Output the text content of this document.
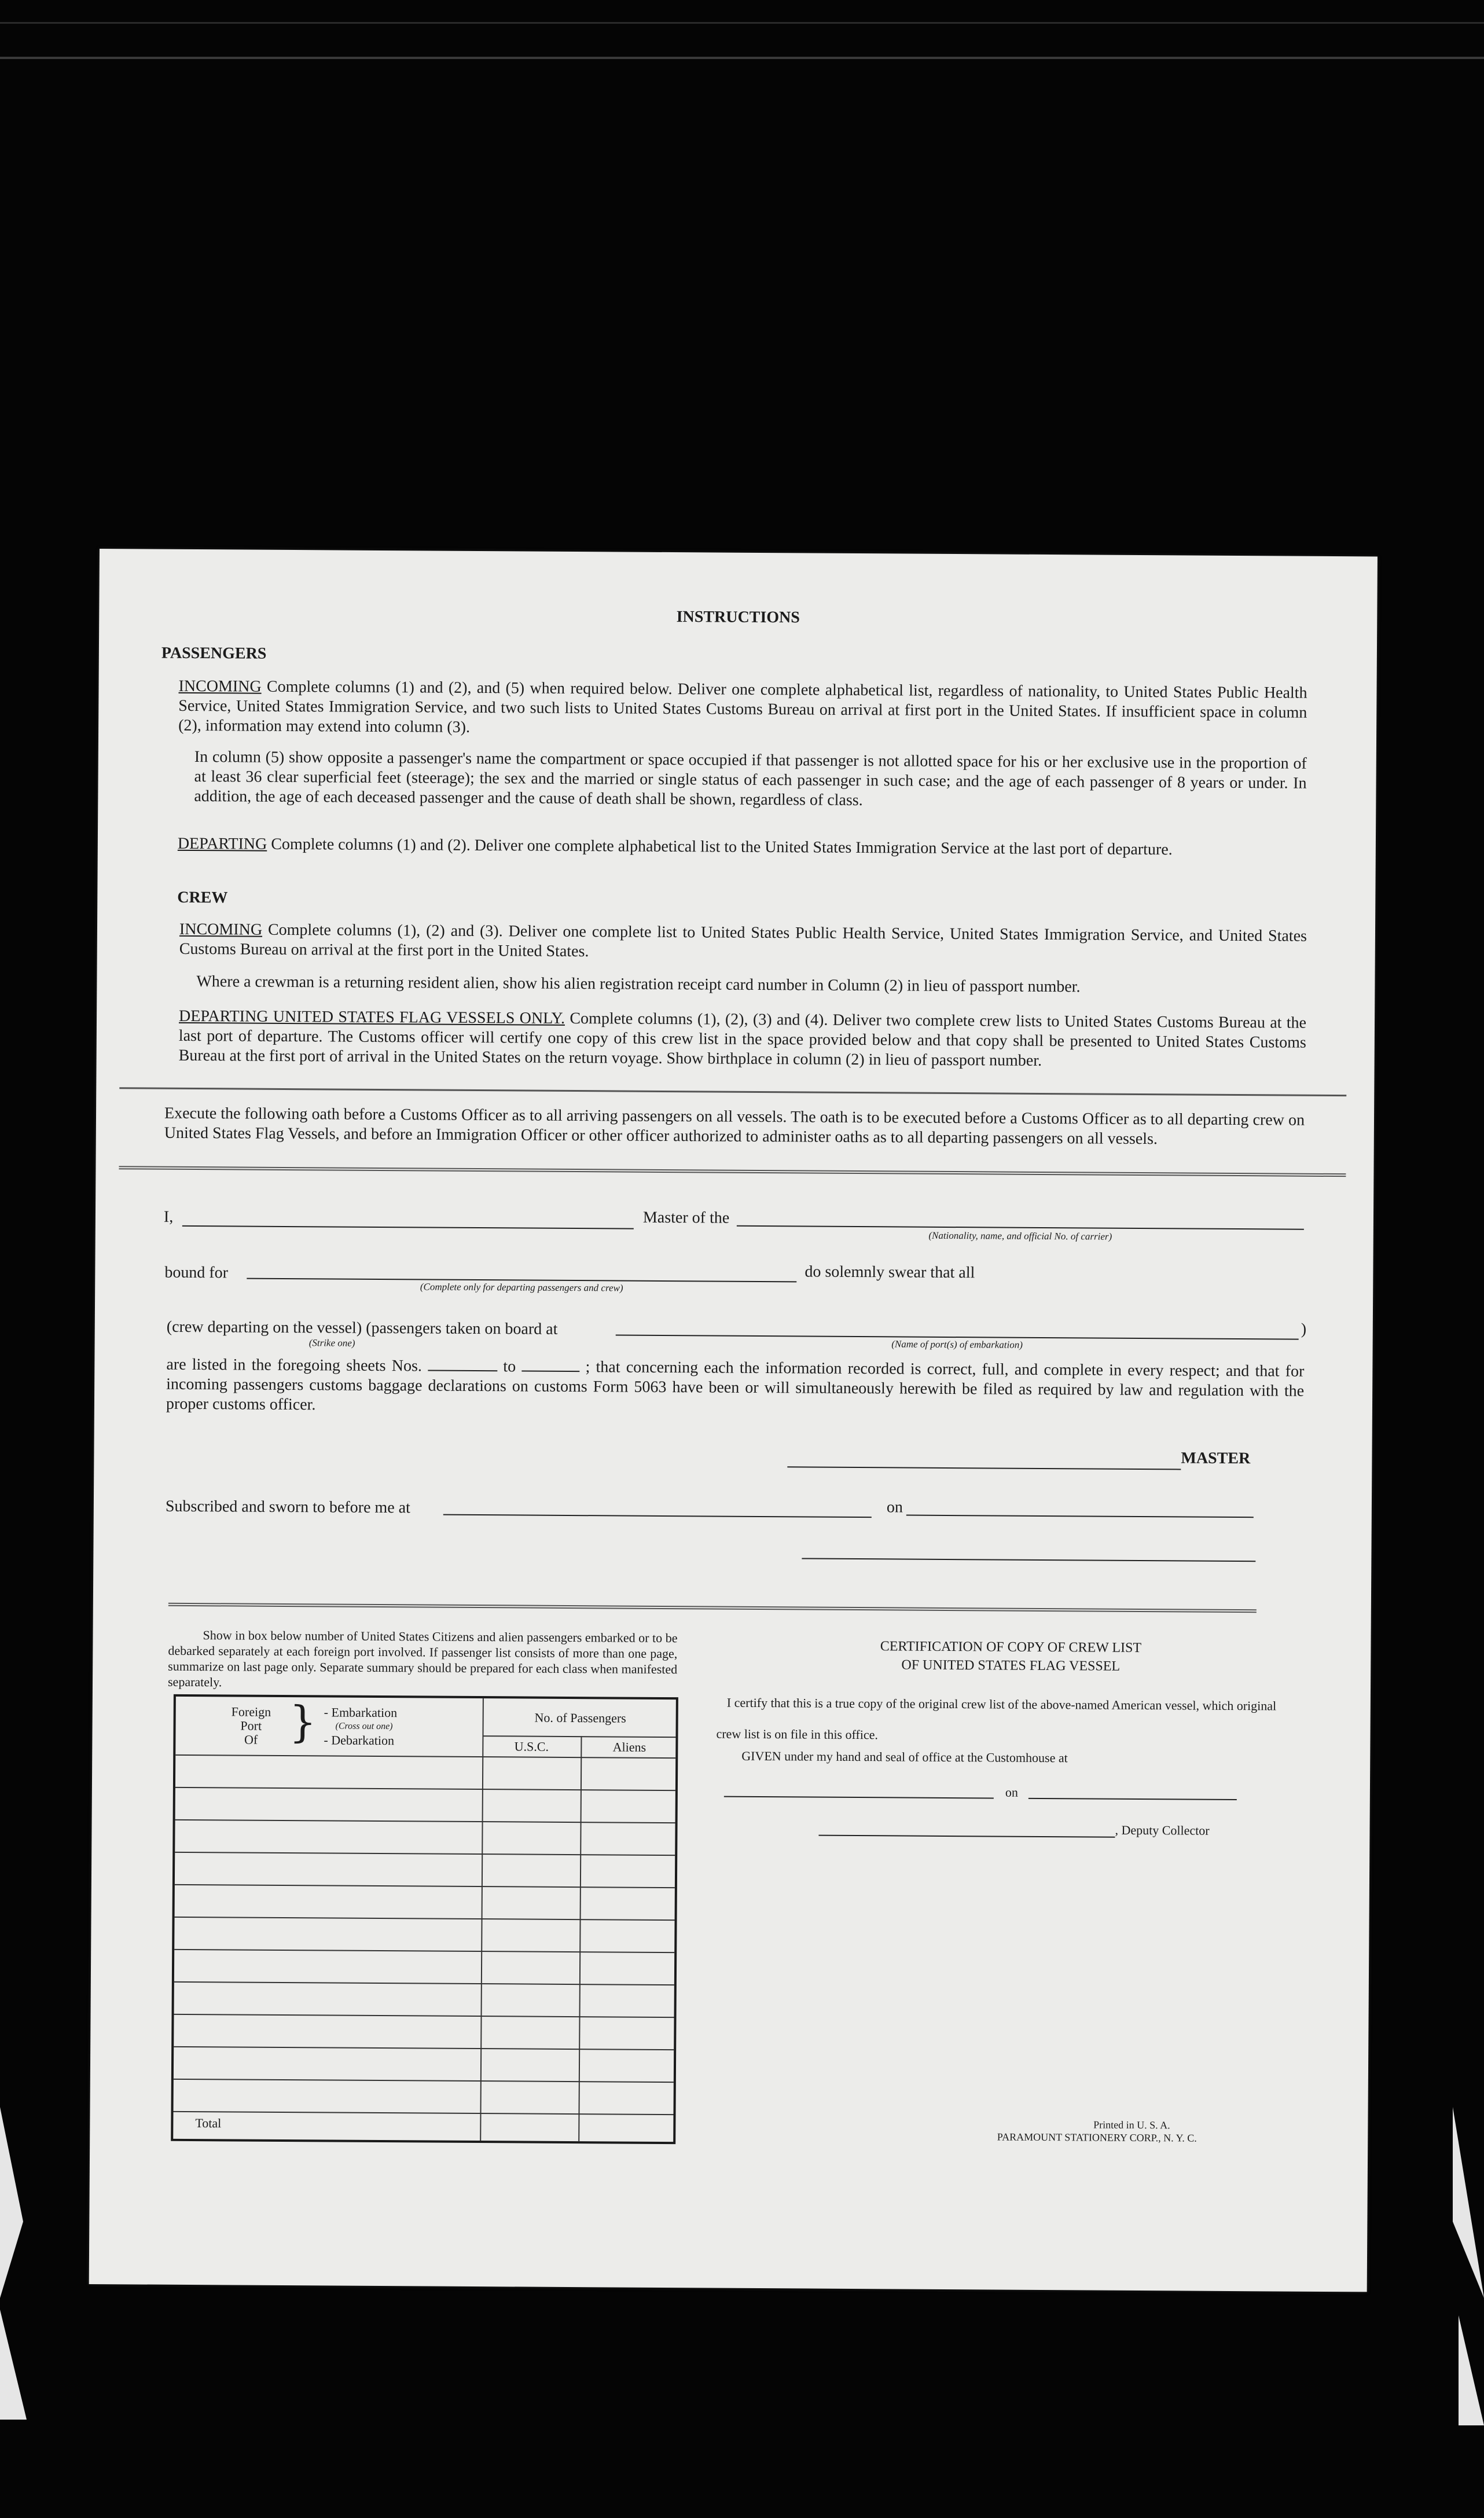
INSTRUCTIONS
PASSENGERS
INCOMING Complete columns (1) and (2), and (5) when required below. Deliver one complete alphabetical list, regardless of nationality, to United States Public Health Service, United States Immigration Service, and two such lists to United States Customs Bureau on arrival at first port in the United States. If insufficient space in column (2), information may extend into column (3).
In column (5) show opposite a passenger's name the compartment or space occupied if that passenger is not allotted space for his or her exclusive use in the proportion of at least 36 clear superficial feet (steerage); the sex and the married or single status of each passenger in such case; and the age of each passenger of 8 years or under. In addition, the age of each deceased passenger and the cause of death shall be shown, regardless of class.
DEPARTING Complete columns (1) and (2). Deliver one complete alphabetical list to the United States Immigration Service at the last port of departure.
CREW
INCOMING Complete columns (1), (2) and (3). Deliver one complete list to United States Public Health Service, United States Immigration Service, and United States Customs Bureau on arrival at the first port in the United States.
Where a crewman is a returning resident alien, show his alien registration receipt card number in Column (2) in lieu of passport number.
DEPARTING UNITED STATES FLAG VESSELS ONLY. Complete columns (1), (2), (3) and (4). Deliver two complete crew lists to United States Customs Bureau at the last port of departure. The Customs officer will certify one copy of this crew list in the space provided below and that copy shall be presented to United States Customs Bureau at the first port of arrival in the United States on the return voyage. Show birthplace in column (2) in lieu of passport number.
Execute the following oath before a Customs Officer as to all arriving passengers on all vessels. The oath is to be executed before a Customs Officer as to all departing crew on United States Flag Vessels, and before an Immigration Officer or other officer authorized to administer oaths as to all departing passengers on all vessels.
I,	Master of the
(Nationality, name, and official No. of carrier)
bound for
(Complete only for departing passengers and crew)
do solemnly swear that all
(crew departing on the vessel) (passengers taken on board at
(Strike one)	(Name of port(s) of embarkation)
)
are listed in the foregoing sheets Nos.	to	; that concerning each the information recorded is correct, full, and complete in every respect; and that for incoming passengers customs baggage declarations on customs Form 5063 have been or will simultaneously herewith be filed as required by law and regulation with the proper customs officer.
MASTER
Subscribed and sworn to before me at	on
Show in box below number of United States Citizens and alien passengers embarked or to be debarked separately at each foreign port involved. If passenger list consists of more than one page, summarize on last page only. Separate summary should be prepared for each class when manifested separately.
Foreign
Port
Of } - Embarkation
(Cross out one)
- Debarkation
No. of Passengers
U.S.C.	Aliens
Total
CERTIFICATION OF COPY OF CREW LIST
OF UNITED STATES FLAG VESSEL
I certify that this is a true copy of the original crew list of the above-named American vessel, which original crew list is on file in this office.
GIVEN under my hand and seal of office at the Customhouse at
on
, Deputy Collector
Printed in U. S. A.
PARAMOUNT STATIONERY CORP., N. Y. C.
